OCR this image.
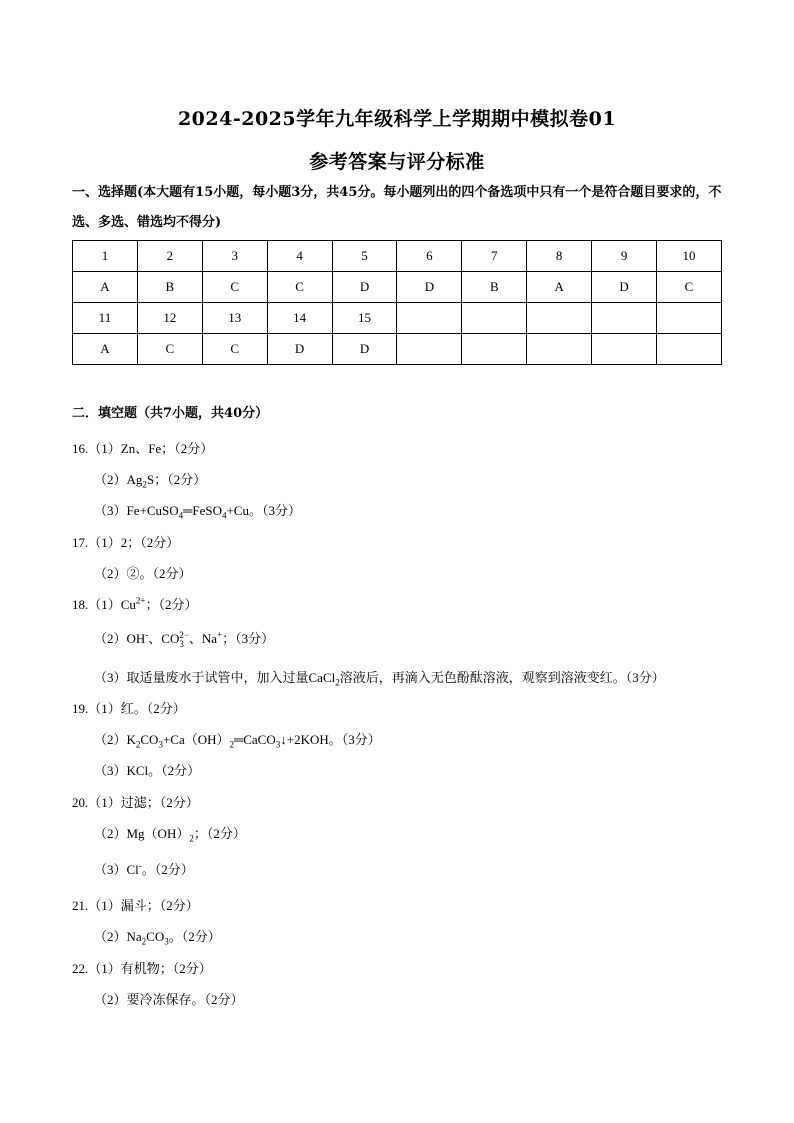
2024-2025学年九年级科学上学期期中模拟卷01
参考答案与评分标准
一、选择题(本大题有15小题，每小题3分，共45分。每小题列出的四个备选项中只有一个是符合题目要求的，不选、多选、错选均不得分)
1	2	3	4	5	6	7	8	9	10
A	B	C	C	D	D	B	A	D	C
11	12	13	14	15					
A	C	C	D	D					
二．填空题（共7小题，共40分）
16.（1）Zn、Fe；（2分）
$(2)Ag_2S$；（2分）
（3）Fe+CuSO$_4$═FeSO$_4$+Cu。（3分）
17.（1）2；（2分）
（2）②。（2分）
$18.(1)Cu^{2+}$；（2分）
（2）OH-、CO 2−
3 、Na+；（3分）
（3）取适量废水于试管中，加入过量CaCl$_2$溶液后，再滴入无色酚酞溶液，观察到溶液变红。（3分）
19.（1）红。（2分）
$(2)K_2CO_3+Ca(OH)_2═CaCO_3↓+2KOH$。（3分）
（3）KCl。（2分）
20.（1）过滤；（2分）
$(2)Mg(OH)_2$；（2分）
（3）Cl-。（2分）
21.（1）漏斗；（2分）
$(2)Na_2CO_3$。（2分）
22.（1）有机物；（2分）
（2）要冷冻保存。（2分）
